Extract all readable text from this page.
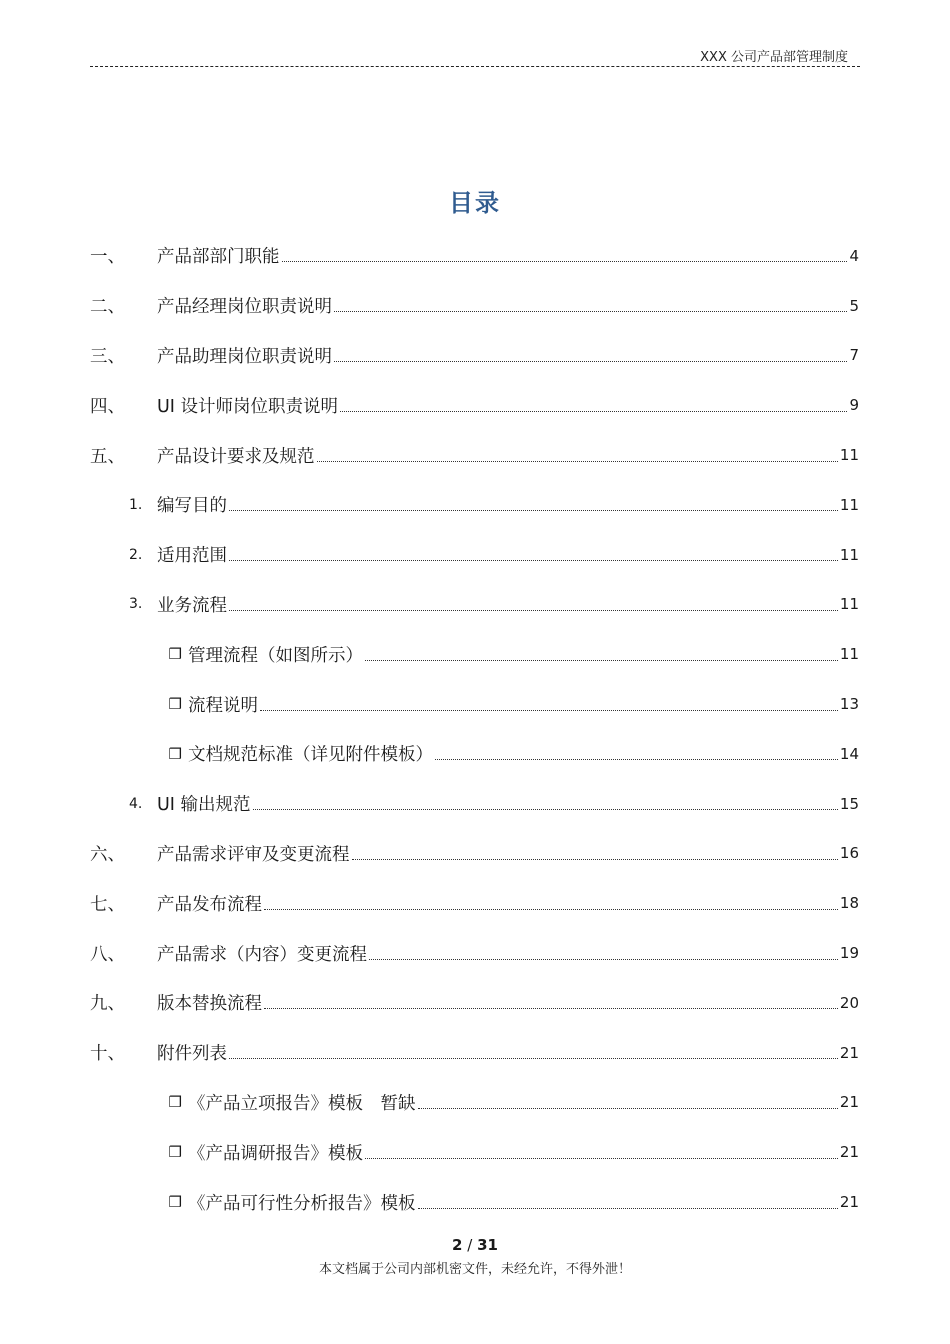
XXX 公司产品部管理制度
目录
一、	产品部部门职能	4
二、	产品经理岗位职责说明	5
三、	产品助理岗位职责说明	7
四、	UI 设计师岗位职责说明	9
五、	产品设计要求及规范	11
1. 编写目的	11
2. 适用范围	11
3. 业务流程	11
❒ 管理流程（如图所示）	11
❒ 流程说明	13
❒ 文档规范标准（详见附件模板）	14
4. UI 输出规范	15
六、	产品需求评审及变更流程	16
七、	产品发布流程	18
八、	产品需求（内容）变更流程	19
九、	版本替换流程	20
十、	附件列表	21
❒ 《产品立项报告》模板　暂缺	21
❒ 《产品调研报告》模板	21
❒ 《产品可行性分析报告》模板	21
2 / 31
本文档属于公司内部机密文件，未经允许，不得外泄！
